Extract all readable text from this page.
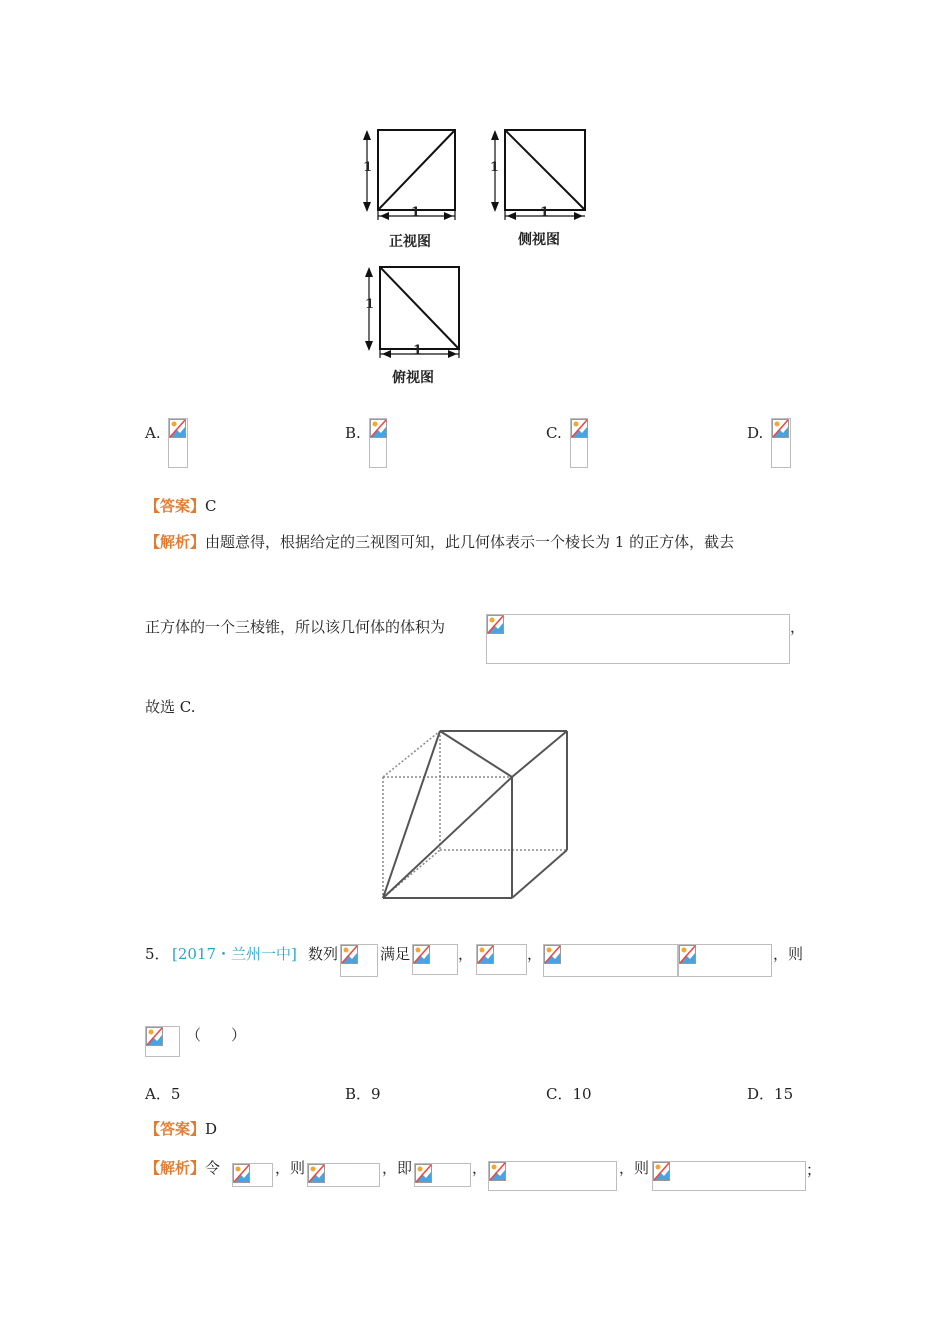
1
1
正视图
1
1
侧视图
1
1
俯视图
A.	B.	C.	D.
【答案】C
【解析】由题意得，根据给定的三视图可知，此几何体表示一个棱长为 1 的正方体，截去
正方体的一个三棱锥，所以该几何体的体积为	，
故选 C.
5． [2017・兰州一中] 数列	满足	，	，	，则
（　　）
A．5	B．9	C．10	D．15
【答案】D
【解析】令	，则	，即	，	，则	；
